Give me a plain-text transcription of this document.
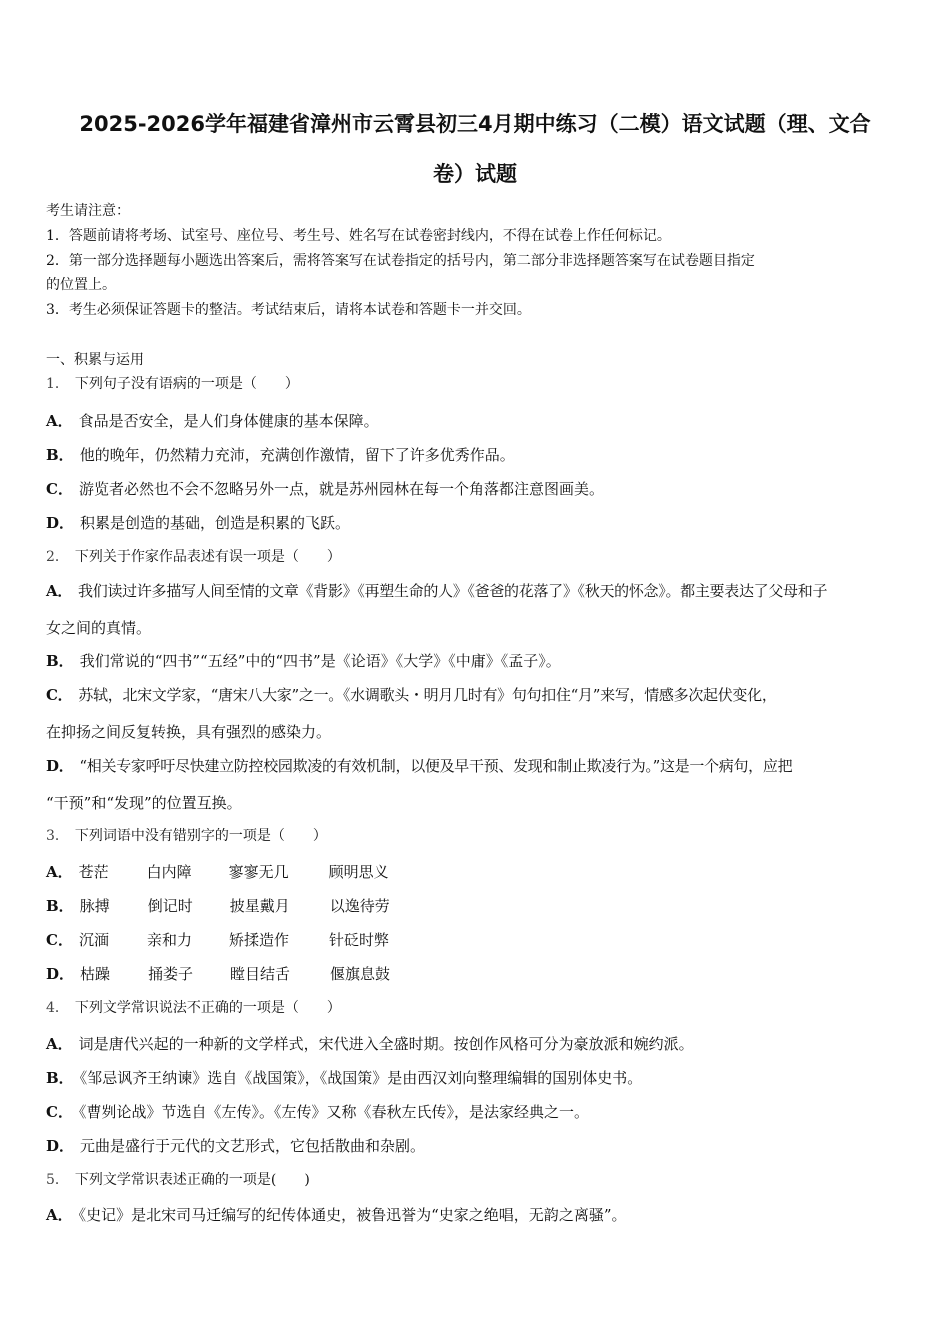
2025-2026学年福建省漳州市云霄县初三4月期中练习（二模）语文试题（理、文合
卷）试题
考生请注意：
1．答题前请将考场、试室号、座位号、考生号、姓名写在试卷密封线内，不得在试卷上作任何标记。
2．第一部分选择题每小题选出答案后，需将答案写在试卷指定的括号内，第二部分非选择题答案写在试卷题目指定
的位置上。
3．考生必须保证答题卡的整洁。考试结束后，请将本试卷和答题卡一并交回。
一、积累与运用
1． 下列句子没有语病的一项是（　　）
A． 食品是否安全，是人们身体健康的基本保障。
B． 他的晚年，仍然精力充沛，充满创作激情，留下了许多优秀作品。
C． 游览者必然也不会不忽略另外一点，就是苏州园林在每一个角落都注意图画美。
D． 积累是创造的基础，创造是积累的飞跃。
2． 下列关于作家作品表述有误一项是（　　）
A． 我们读过许多描写人间至情的文章《背影》《再塑生命的人》《爸爸的花落了》《秋天的怀念》。都主要表达了父母和子
女之间的真情。
B． 我们常说的“四书”“五经”中的“四书”是《论语》《大学》《中庸》《孟子》。
C． 苏轼，北宋文学家，“唐宋八大家”之一。《水调歌头・明月几时有》句句扣住“月”来写，情感多次起伏变化，
在抑扬之间反复转换，具有强烈的感染力。
D． “相关专家呼吁尽快建立防控校园欺凌的有效机制，以便及早干预、发现和制止欺凌行为。”这是一个病句，应把
“干预”和“发现”的位置互换。
3． 下列词语中没有错别字的一项是（　　）
A． 苍茫	白内障 寥寥无几	顾明思义
B． 脉搏	倒记时 披星戴月	以逸待劳
C． 沉湎	亲和力 矫揉造作	针砭时弊
D． 枯躁	捅娄子 瞠目结舌	偃旗息鼓
4． 下列文学常识说法不正确的一项是（　　）
A． 词是唐代兴起的一种新的文学样式，宋代进入全盛时期。按创作风格可分为豪放派和婉约派。
B． 《邹忌讽齐王纳谏》选自《战国策》，《战国策》是由西汉刘向整理编辑的国别体史书。
C． 《曹刿论战》节选自《左传》。《左传》又称《春秋左氏传》，是法家经典之一。
D． 元曲是盛行于元代的文艺形式，它包括散曲和杂剧。
5． 下列文学常识表述正确的一项是(　　)
A． 《史记》是北宋司马迁编写的纪传体通史，被鲁迅誉为“史家之绝唱，无韵之离骚”。
